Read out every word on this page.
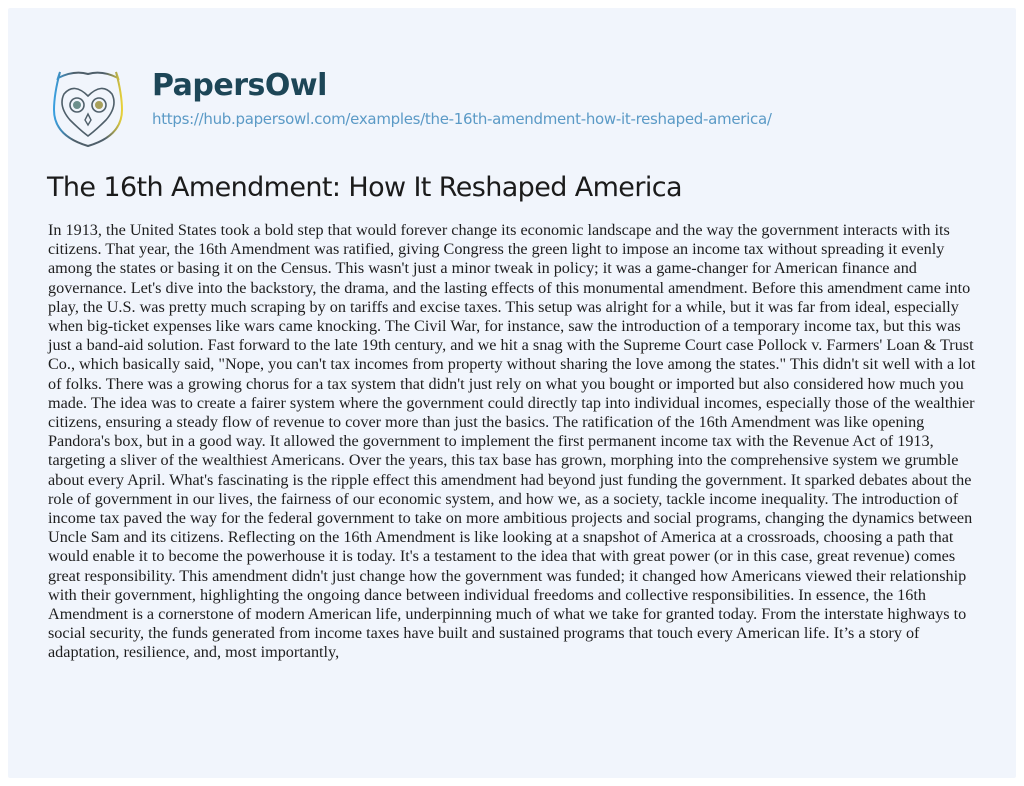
PapersOwl
https://hub.papersowl.com/examples/the-16th-amendment-how-it-reshaped-america/
The 16th Amendment: How It Reshaped America
In 1913, the United States took a bold step that would forever change its economic landscape and the way the government interacts with its
citizens. That year, the 16th Amendment was ratified, giving Congress the green light to impose an income tax without spreading it evenly
among the states or basing it on the Census. This wasn't just a minor tweak in policy; it was a game-changer for American finance and
governance. Let's dive into the backstory, the drama, and the lasting effects of this monumental amendment. Before this amendment came into
play, the U.S. was pretty much scraping by on tariffs and excise taxes. This setup was alright for a while, but it was far from ideal, especially
when big-ticket expenses like wars came knocking. The Civil War, for instance, saw the introduction of a temporary income tax, but this was
just a band-aid solution. Fast forward to the late 19th century, and we hit a snag with the Supreme Court case Pollock v. Farmers' Loan & Trust
Co., which basically said, "Nope, you can't tax incomes from property without sharing the love among the states." This didn't sit well with a lot
of folks. There was a growing chorus for a tax system that didn't just rely on what you bought or imported but also considered how much you
made. The idea was to create a fairer system where the government could directly tap into individual incomes, especially those of the wealthier
citizens, ensuring a steady flow of revenue to cover more than just the basics. The ratification of the 16th Amendment was like opening
Pandora's box, but in a good way. It allowed the government to implement the first permanent income tax with the Revenue Act of 1913,
targeting a sliver of the wealthiest Americans. Over the years, this tax base has grown, morphing into the comprehensive system we grumble
about every April. What's fascinating is the ripple effect this amendment had beyond just funding the government. It sparked debates about the
role of government in our lives, the fairness of our economic system, and how we, as a society, tackle income inequality. The introduction of
income tax paved the way for the federal government to take on more ambitious projects and social programs, changing the dynamics between
Uncle Sam and its citizens. Reflecting on the 16th Amendment is like looking at a snapshot of America at a crossroads, choosing a path that
would enable it to become the powerhouse it is today. It's a testament to the idea that with great power (or in this case, great revenue) comes
great responsibility. This amendment didn't just change how the government was funded; it changed how Americans viewed their relationship
with their government, highlighting the ongoing dance between individual freedoms and collective responsibilities. In essence, the 16th
Amendment is a cornerstone of modern American life, underpinning much of what we take for granted today. From the interstate highways to
social security, the funds generated from income taxes have built and sustained programs that touch every American life. It’s a story of
adaptation, resilience, and, most importantly,
